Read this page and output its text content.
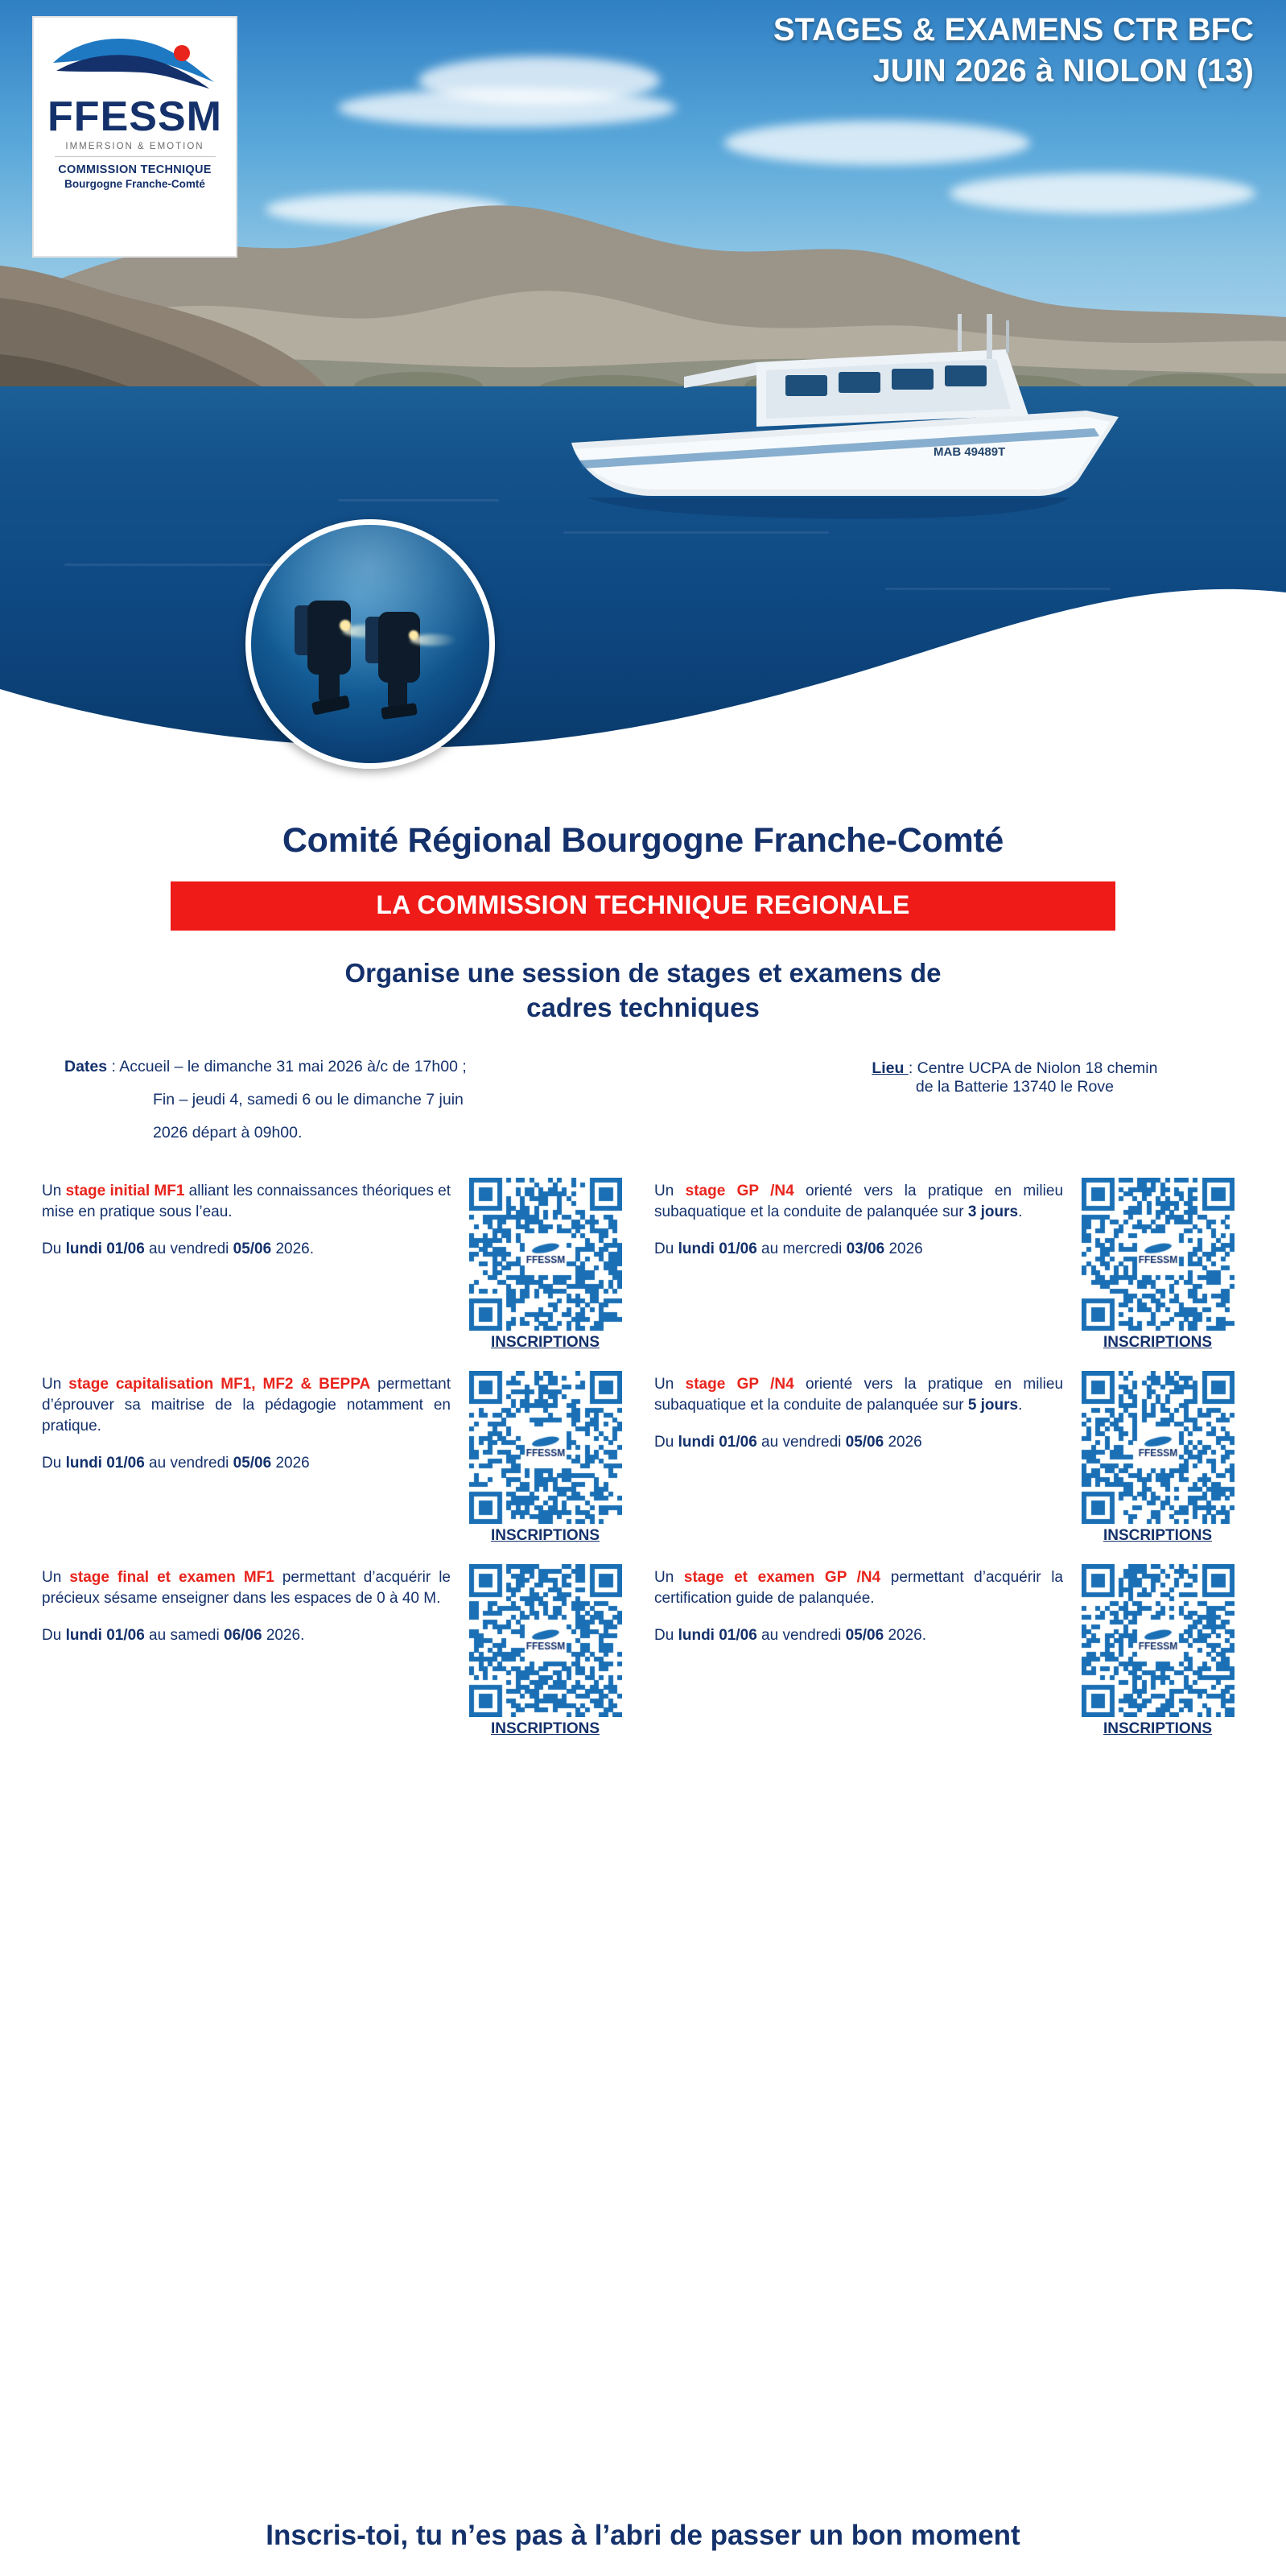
MAB 49489T
FFESSM
IMMERSION & EMOTION
COMMISSION TECHNIQUE
Bourgogne Franche-Comté
STAGES & EXAMENS CTR BFC
JUIN 2026 à NIOLON (13)
Comité Régional Bourgogne Franche-Comté
LA COMMISSION TECHNIQUE REGIONALE
Organise une session de stages et examens de
cadres techniques
Dates : Accueil – le dimanche 31 mai 2026 à/c de 17h00 ;
Fin – jeudi 4, samedi 6 ou le dimanche 7 juin
2026 départ à 09h00.
Lieu : Centre UCPA de Niolon 18 chemin
de la Batterie 13740 le Rove
Un stage initial MF1 alliant les connaissances théoriques et mise en pratique sous l’eau.
Du lundi 01/06 au vendredi 05/06 2026.
INSCRIPTIONS
Un stage GP /N4 orienté vers la pratique en milieu subaquatique et la conduite de palanquée sur 3 jours.
Du lundi 01/06 au mercredi 03/06 2026
INSCRIPTIONS
Un stage capitalisation MF1, MF2 & BEPPA permettant d’éprouver sa maitrise de la pédagogie notamment en pratique.
Du lundi 01/06 au vendredi 05/06 2026
INSCRIPTIONS
Un stage GP /N4 orienté vers la pratique en milieu subaquatique et la conduite de palanquée sur 5 jours.
Du lundi 01/06 au vendredi 05/06 2026
INSCRIPTIONS
Un stage final et examen MF1 permettant d’acquérir le précieux sésame enseigner dans les espaces de 0 à 40 M.
Du lundi 01/06 au samedi 06/06 2026.
INSCRIPTIONS
Un stage et examen GP /N4 permettant d’acquérir la certification guide de palanquée.
Du lundi 01/06 au vendredi 05/06 2026.
INSCRIPTIONS
Inscris-toi, tu n’es pas à l’abri de passer un bon moment
